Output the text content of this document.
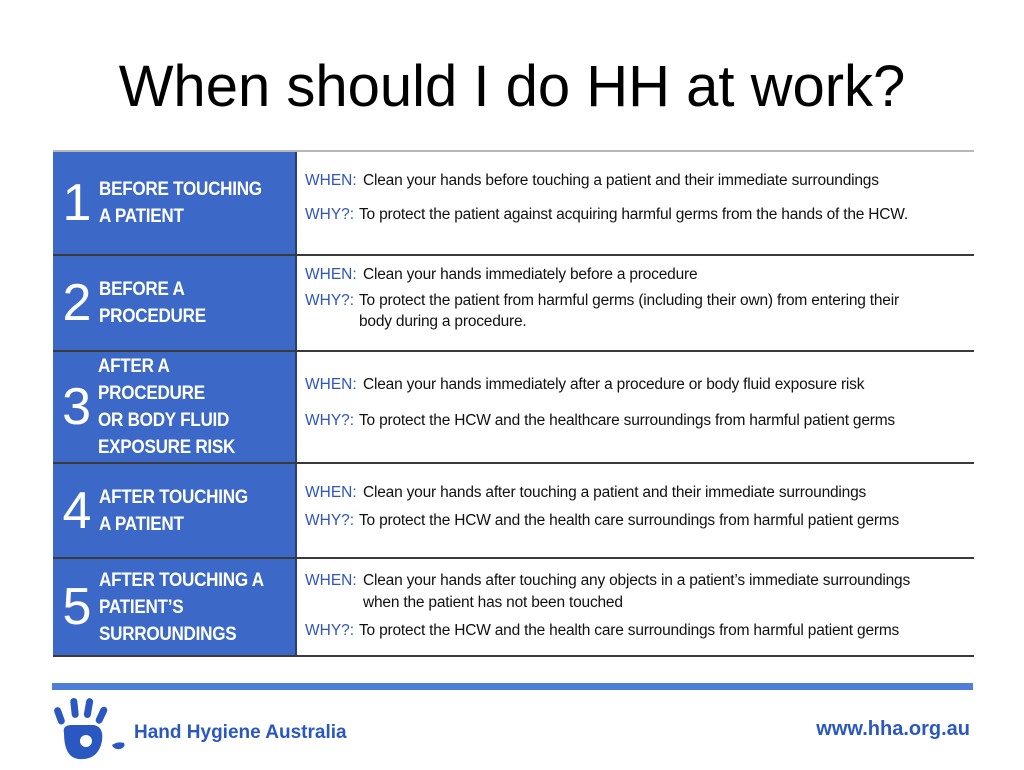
When should I do HH at work?
1 BEFORE TOUCHING
A PATIENT
WHEN: Clean your hands before touching a patient and their immediate surroundings
WHY?: To protect the patient against acquiring harmful germs from the hands of the HCW.
2 BEFORE A
PROCEDURE
WHEN: Clean your hands immediately before a procedure
WHY?: To protect the patient from harmful germs (including their own) from entering their
body during a procedure.
3
AFTER A PROCEDURE
OR BODY FLUID
EXPOSURE RISK
WHEN: Clean your hands immediately after a procedure or body fluid exposure risk
WHY?: To protect the HCW and the healthcare surroundings from harmful patient germs
4 AFTER TOUCHING
A PATIENT
WHEN: Clean your hands after touching a patient and their immediate surroundings
WHY?: To protect the HCW and the health care surroundings from harmful patient germs
5 AFTER TOUCHING A
PATIENT’S
SURROUNDINGS
WHEN: Clean your hands after touching any objects in a patient’s immediate surroundings
when the patient has not been touched
WHY?: To protect the HCW and the health care surroundings from harmful patient germs
Hand Hygiene Australia	www.hha.org.au
